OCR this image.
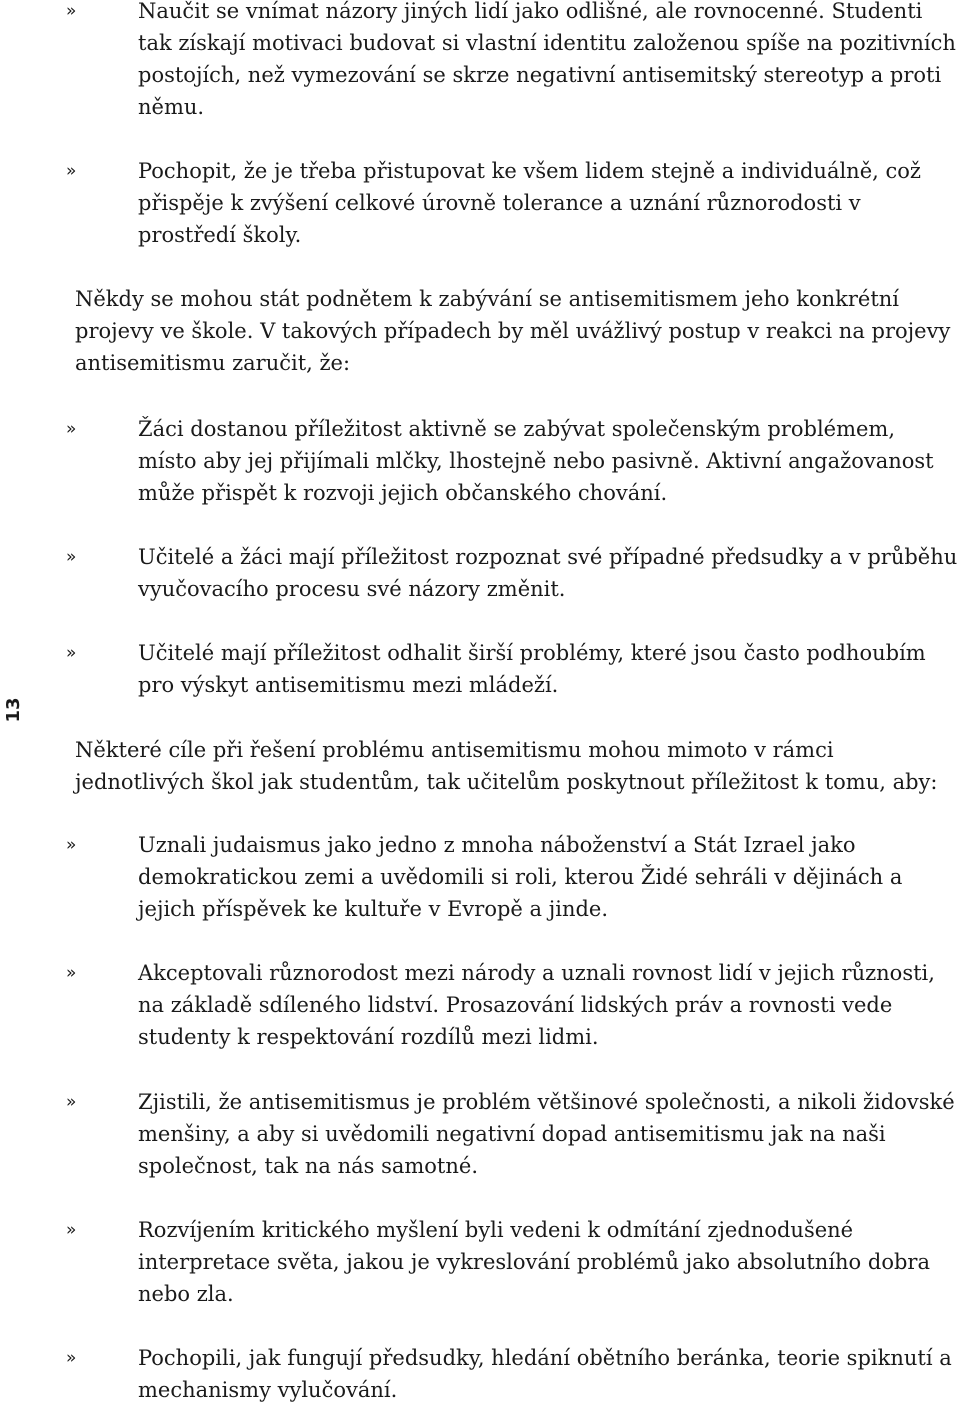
»	Naučit se vnímat názory jiných lidí jako odlišné, ale rovnocenné. Studenti tak získají motivaci budovat si vlastní identitu založenou spíše na pozitivních postojích, než vymezování se skrze negativní antisemitský stereotyp a proti němu.

»	Pochopit, že je třeba přistupovat ke všem lidem stejně a individuálně, což přispěje k zvýšení celkové úrovně tolerance a uznání různorodosti v prostředí školy.

Někdy se mohou stát podnětem k zabývání se antisemitismem jeho konkrétní projevy ve škole. V takových případech by měl uvážlivý postup v reakci na projevy antisemitismu zaručit, že:

»	Žáci dostanou příležitost aktivně se zabývat společenským problémem, místo aby jej přijímali mlčky, lhostejně nebo pasivně. Aktivní angažovanost může přispět k rozvoji jejich občanského chování.

»	Učitelé a žáci mají příležitost rozpoznat své případné předsudky a v průběhu vyučovacího procesu své názory změnit.

»	Učitelé mají příležitost odhalit širší problémy, které jsou často podhoubím pro výskyt antisemitismu mezi mládeží.

Některé cíle při řešení problému antisemitismu mohou mimoto v rámci jednotlivých škol jak studentům, tak učitelům poskytnout příležitost k tomu, aby:

»	Uznali judaismus jako jedno z mnoha náboženství a Stát Izrael jako demokratickou zemi a uvědomili si roli, kterou Židé sehráli v dějinách a jejich příspěvek ke kultuře v Evropě a jinde.

»	Akceptovali různorodost mezi národy a uznali rovnost lidí v jejich různosti, na základě sdíleného lidství. Prosazování lidských práv a rovnosti vede studenty k respektování rozdílů mezi lidmi.

»	Zjistili, že antisemitismus je problém většinové společnosti, a nikoli židovské menšiny, a aby si uvědomili negativní dopad antisemitismu jak na naši společnost, tak na nás samotné.

»	Rozvíjením kritického myšlení byli vedeni k odmítání zjednodušené interpretace světa, jakou je vykreslování problémů jako absolutního dobra nebo zla.

»	Pochopili, jak fungují předsudky, hledání obětního beránka, teorie spiknutí a mechanismy vylučování.

13
